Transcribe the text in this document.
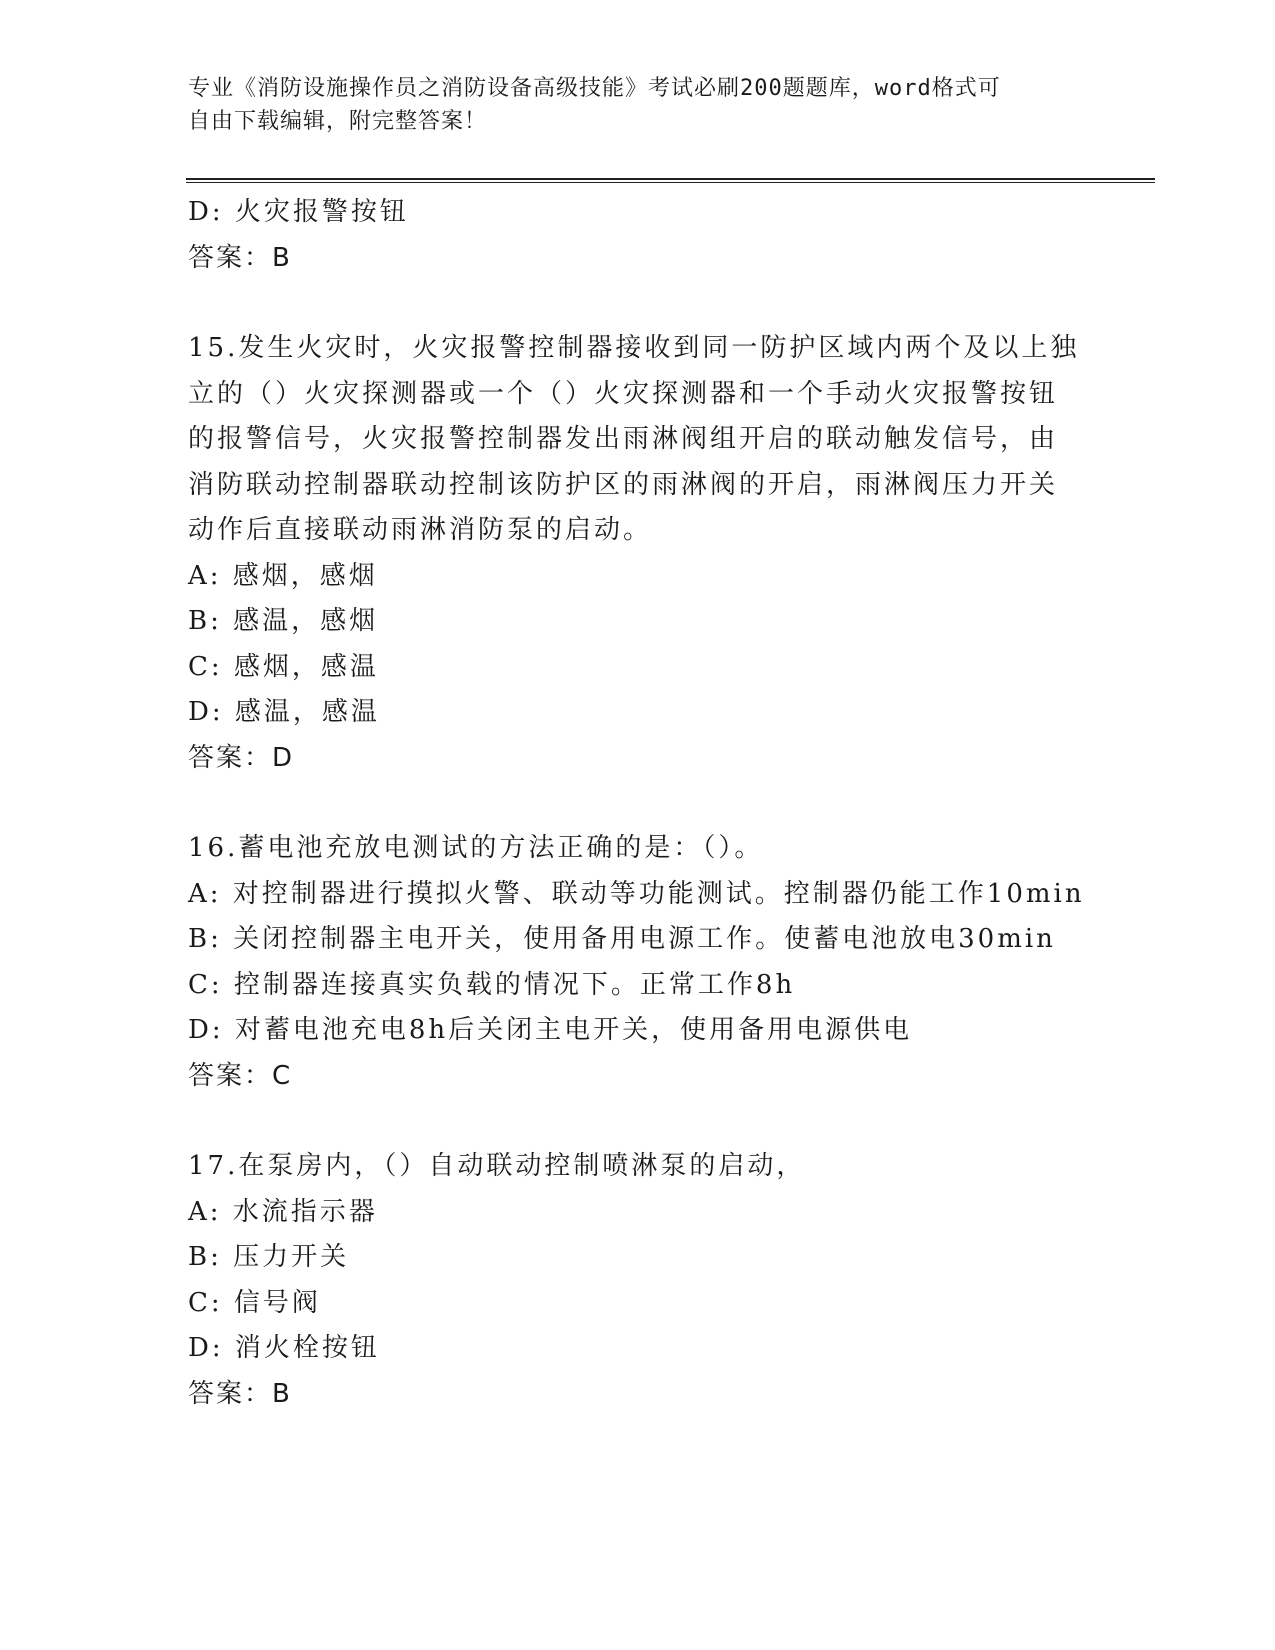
专业《消防设施操作员之消防设备高级技能》考试必刷200题题库，word格式可
自由下载编辑，附完整答案！
D: 火灾报警按钮
答案：B
15.发生火灾时，火灾报警控制器接收到同一防护区域内两个及以上独
立的（）火灾探测器或一个（）火灾探测器和一个手动火灾报警按钮
的报警信号，火灾报警控制器发出雨淋阀组开启的联动触发信号，由
消防联动控制器联动控制该防护区的雨淋阀的开启，雨淋阀压力开关
动作后直接联动雨淋消防泵的启动。
A: 感烟，感烟
B: 感温，感烟
C: 感烟，感温
D: 感温，感温
答案：D
16.蓄电池充放电测试的方法正确的是：（）。
A: 对控制器进行摸拟火警、联动等功能测试。控制器仍能工作10min
B: 关闭控制器主电开关，使用备用电源工作。使蓄电池放电30min
C: 控制器连接真实负载的情况下。正常工作8h
D: 对蓄电池充电8h后关闭主电开关，使用备用电源供电
答案：C
17.在泵房内，（）自动联动控制喷淋泵的启动，
A: 水流指示器
B: 压力开关
C: 信号阀
D: 消火栓按钮
答案：B
